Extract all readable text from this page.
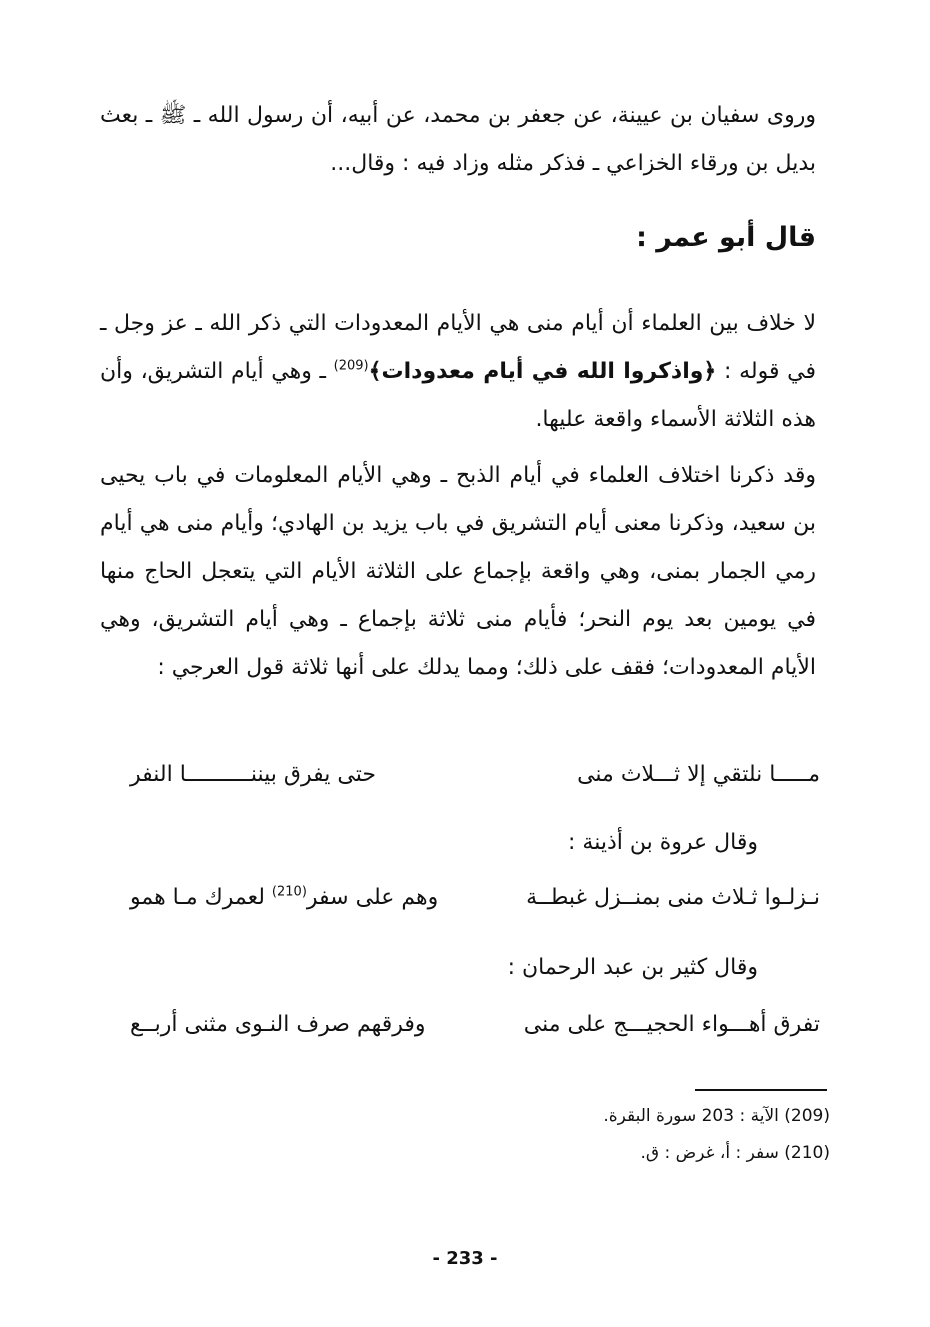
وروى سفيان بن عيينة، عن جعفر بن محمد، عن أبيه، أن رسول الله ـ ﷺ ـ بعث بديل بن ورقاء الخزاعي ـ فذكر مثله وزاد فيه : وقال...
قال أبو عمر :
لا خلاف بين العلماء أن أيام منى هي الأيام المعدودات التي ذكر الله ـ عز وجل ـ في قوله : ﴿واذكروا الله في أيام معدودات﴾$^{(209)}$ ـ وهي أيام التشريق، وأن هذه الثلاثة الأسماء واقعة عليها.
وقد ذكرنا اختلاف العلماء في أيام الذبح ـ وهي الأيام المعلومات في باب يحيى بن سعيد، وذكرنا معنى أيام التشريق في باب يزيد بن الهادي؛ وأيام منى هي أيام رمي الجمار بمنى، وهي واقعة بإجماع على الثلاثة الأيام التي يتعجل الحاج منها في يومين بعد يوم النحر؛ فأيام منى ثلاثة بإجماع ـ وهي أيام التشريق، وهي الأيام المعدودات؛ فقف على ذلك؛ ومما يدلك على أنها ثلاثة قول العرجي :
مـــــا نلتقي إلا ثـــلاث منى
حتى يفرق بيننــــــــــا النفر
وقال عروة بن أذينة :
نـزلـوا ثـلاث منى بمنــزل غبطــة
وهم على سفر$^{(210)}$ لعمرك مـا همو
وقال كثير بن عبد الرحمان :
تفرق أهـــواء الحجيـــج على منى
وفرقهم صرف النـوى مثنى أربــع
(209) الآية : 203 سورة البقرة.
(210) سفر : أ، غرض : ق.
- 233 -
